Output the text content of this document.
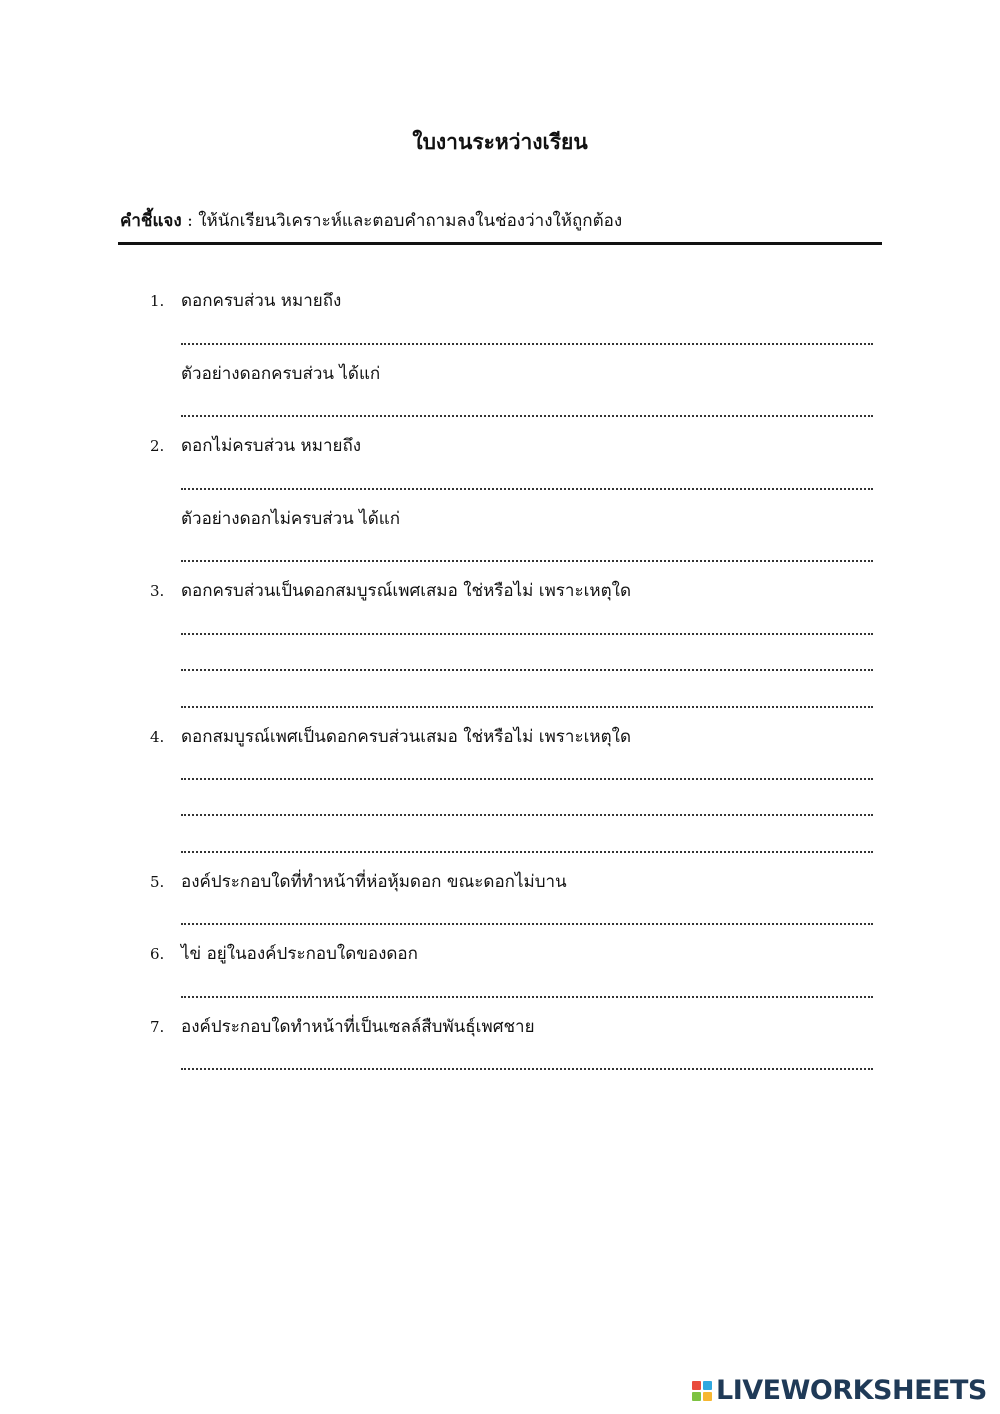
ใบงานระหว่างเรียน
คำชี้แจง : ให้นักเรียนวิเคราะห์และตอบคำถามลงในช่องว่างให้ถูกต้อง
1. ดอกครบส่วน หมายถึง
ตัวอย่างดอกครบส่วน ได้แก่
2. ดอกไม่ครบส่วน หมายถึง
ตัวอย่างดอกไม่ครบส่วน ได้แก่
3. ดอกครบส่วนเป็นดอกสมบูรณ์เพศเสมอ ใช่หรือไม่ เพราะเหตุใด
4. ดอกสมบูรณ์เพศเป็นดอกครบส่วนเสมอ ใช่หรือไม่ เพราะเหตุใด
5. องค์ประกอบใดที่ทำหน้าที่ห่อหุ้มดอก ขณะดอกไม่บาน
6. ไข่ อยู่ในองค์ประกอบใดของดอก
7. องค์ประกอบใดทำหน้าที่เป็นเซลล์สืบพันธุ์เพศชาย
LIVEWORKSHEETS
